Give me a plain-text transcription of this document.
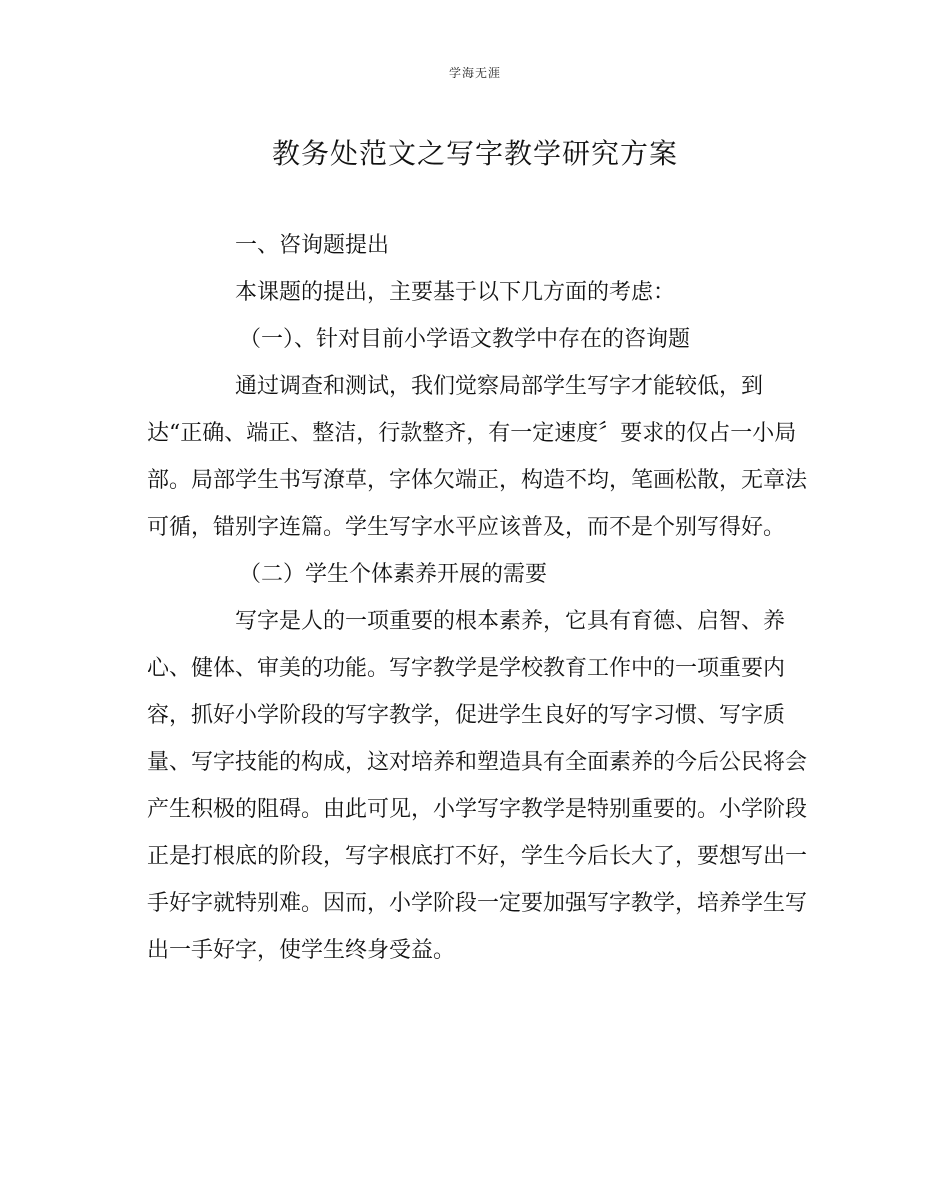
学海无涯
教务处范文之写字教学研究方案
一、咨询题提出
本课题的提出，主要基于以下几方面的考虑：
（一）、针对目前小学语文教学中存在的咨询题
通过调查和测试，我们觉察局部学生写字才能较低，到
达“正确、端正、整洁，行款整齐，有一定速度〞要求的仅占一小局
部。局部学生书写潦草，字体欠端正，构造不均，笔画松散，无章法
可循，错别字连篇。学生写字水平应该普及，而不是个别写得好。
（二）学生个体素养开展的需要
写字是人的一项重要的根本素养，它具有育德、启智、养
心、健体、审美的功能。写字教学是学校教育工作中的一项重要内
容，抓好小学阶段的写字教学，促进学生良好的写字习惯、写字质
量、写字技能的构成，这对培养和塑造具有全面素养的今后公民将会
产生积极的阻碍。由此可见，小学写字教学是特别重要的。小学阶段
正是打根底的阶段，写字根底打不好，学生今后长大了，要想写出一
手好字就特别难。因而，小学阶段一定要加强写字教学，培养学生写
出一手好字，使学生终身受益。
